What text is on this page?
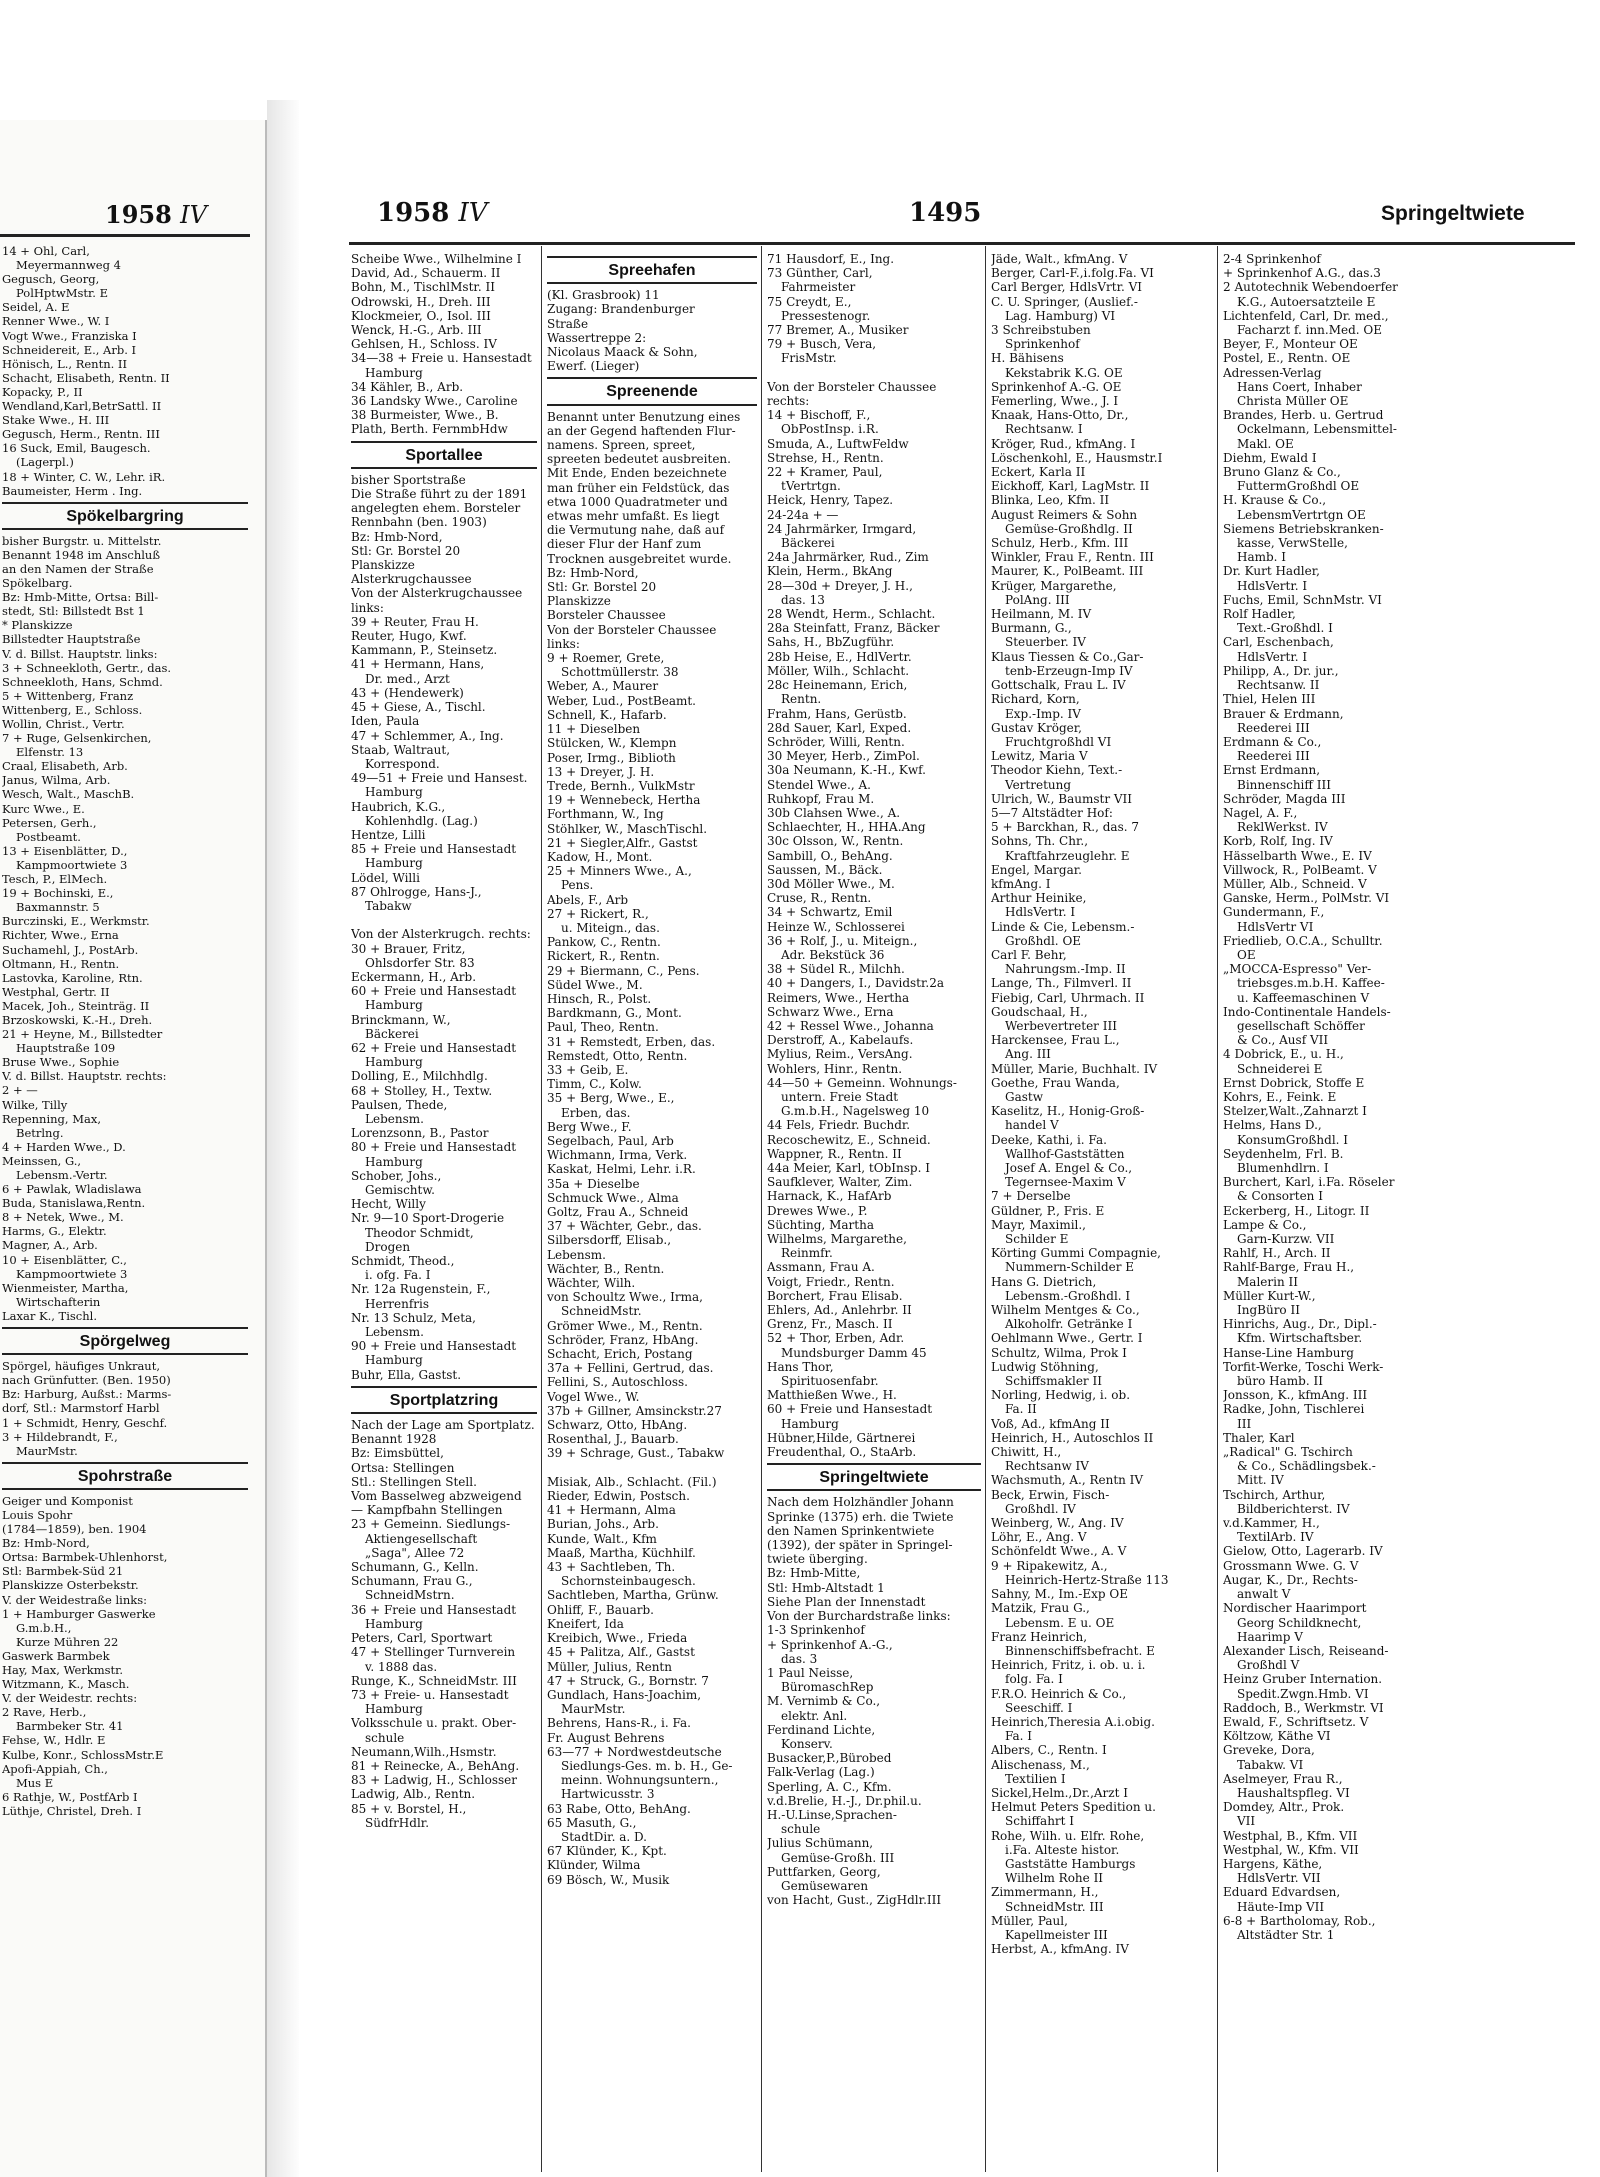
1958 IV
14 + Ohl, Carl,
Meyermannweg 4
Gegusch, Georg,
PolHptwMstr. E
Seidel, A. E
Renner Wwe., W. I
Vogt Wwe., Franziska I
Schneidereit, E., Arb. I
Hönisch, L., Rentn. II
Schacht, Elisabeth, Rentn. II
Kopacky, P., II
Wendland,Karl,BetrSattl. II
Stake Wwe., H. III
Gegusch, Herm., Rentn. III
16 Suck, Emil, Baugesch.
(Lagerpl.)
18 + Winter, C. W., Lehr. iR.
Baumeister, Herm . Ing.
Spökelbargring
bisher Burgstr. u. Mittelstr.
Benannt 1948 im Anschluß
an den Namen der Straße
Spökelbarg.
Bz: Hmb-Mitte, Ortsa: Bill-
stedt, Stl: Billstedt Bst 1
* Planskizze
Billstedter Hauptstraße
V. d. Billst. Hauptstr. links:
3 + Schneekloth, Gertr., das.
Schneekloth, Hans, Schmd.
5 + Wittenberg, Franz
Wittenberg, E., Schloss.
Wollin, Christ., Vertr.
7 + Ruge, Gelsenkirchen,
Elfenstr. 13
Craal, Elisabeth, Arb.
Janus, Wilma, Arb.
Wesch, Walt., MaschB.
Kurc Wwe., E.
Petersen, Gerh.,
Postbeamt.
13 + Eisenblätter, D.,
Kampmoortwiete 3
Tesch, P., ElMech.
19 + Bochinski, E.,
Baxmannstr. 5
Burczinski, E., Werkmstr.
Richter, Wwe., Erna
Suchamehl, J., PostArb.
Oltmann, H., Rentn.
Lastovka, Karoline, Rtn.
Westphal, Gertr. II
Macek, Joh., Steinträg. II
Brzoskowski, K.-H., Dreh.
21 + Heyne, M., Billstedter
Hauptstraße 109
Bruse Wwe., Sophie
V. d. Billst. Hauptstr. rechts:
2 + —
Wilke, Tilly
Repenning, Max,
Betrlng.
4 + Harden Wwe., D.
Meinssen, G.,
Lebensm.-Vertr.
6 + Pawlak, Wladislawa
Buda, Stanislawa,Rentn.
8 + Netek, Wwe., M.
Harms, G., Elektr.
Magner, A., Arb.
10 + Eisenblätter, C.,
Kampmoortwiete 3
Wienmeister, Martha,
Wirtschafterin
Laxar K., Tischl.
Spörgelweg
Spörgel, häufiges Unkraut,
nach Grünfutter. (Ben. 1950)
Bz: Harburg, Außst.: Marms-
dorf, Stl.: Marmstorf Harbl
1 + Schmidt, Henry, Geschf.
3 + Hildebrandt, F.,
MaurMstr.
Spohrstraße
Geiger und Komponist
Louis Spohr
(1784—1859), ben. 1904
Bz: Hmb-Nord,
Ortsa: Barmbek-Uhlenhorst,
Stl: Barmbek-Süd 21
Planskizze Osterbekstr.
V. der Weidestraße links:
1 + Hamburger Gaswerke
G.m.b.H.,
Kurze Mühren 22
Gaswerk Barmbek
Hay, Max, Werkmstr.
Witzmann, K., Masch.
V. der Weidestr. rechts:
2 Rave, Herb.,
Barmbeker Str. 41
Fehse, W., Hdlr. E
Kulbe, Konr., SchlossMstr.E
Apofi-Appiah, Ch.,
Mus E
6 Rathje, W., PostfArb I
Lüthje, Christel, Dreh. I
1958 IV	1495	Springeltwiete
Scheibe Wwe., Wilhelmine I
David, Ad., Schauerm. II
Bohn, M., TischlMstr. II
Odrowski, H., Dreh. III
Klockmeier, O., Isol. III
Wenck, H.-G., Arb. III
Gehlsen, H., Schloss. IV
34—38 + Freie u. Hansestadt
Hamburg
34 Kähler, B., Arb.
36 Landsky Wwe., Caroline
38 Burmeister, Wwe., B.
Plath, Berth. FernmbHdw
Sportallee
bisher Sportstraße
Die Straße führt zu der 1891
angelegten ehem. Borsteler
Rennbahn (ben. 1903)
Bz: Hmb-Nord,
Stl: Gr. Borstel 20
Planskizze
Alsterkrugchaussee
Von der Alsterkrugchaussee
links:
39 + Reuter, Frau H.
Reuter, Hugo, Kwf.
Kammann, P., Steinsetz.
41 + Hermann, Hans,
Dr. med., Arzt
43 + (Hendewerk)
45 + Giese, A., Tischl.
Iden, Paula
47 + Schlemmer, A., Ing.
Staab, Waltraut,
Korrespond.
49—51 + Freie und Hansest.
Hamburg
Haubrich, K.G.,
Kohlenhdlg. (Lag.)
Hentze, Lilli
85 + Freie und Hansestadt
Hamburg
Lödel, Willi
87 Ohlrogge, Hans-J.,
Tabakw

Von der Alsterkrugch. rechts:
30 + Brauer, Fritz,
Ohlsdorfer Str. 83
Eckermann, H., Arb.
60 + Freie und Hansestadt
Hamburg
Brinckmann, W.,
Bäckerei
62 + Freie und Hansestadt
Hamburg
Dolling, E., Milchhdlg.
68 + Stolley, H., Textw.
Paulsen, Thede,
Lebensm.
Lorenzsonn, B., Pastor
80 + Freie und Hansestadt
Hamburg
Schober, Johs.,
Gemischtw.
Hecht, Willy
Nr. 9—10 Sport-Drogerie
Theodor Schmidt,
Drogen
Schmidt, Theod.,
i. ofg. Fa. I
Nr. 12a Rugenstein, F.,
Herrenfris
Nr. 13 Schulz, Meta,
Lebensm.
90 + Freie und Hansestadt
Hamburg
Buhr, Ella, Gastst.
Sportplatzring
Nach der Lage am Sportplatz.
Benannt 1928
Bz: Eimsbüttel,
Ortsa: Stellingen
Stl.: Stellingen Stell.
Vom Basselweg abzweigend
— Kampfbahn Stellingen
23 + Gemeinn. Siedlungs-
Aktiengesellschaft
„Saga", Allee 72
Schumann, G., Kelln.
Schumann, Frau G.,
SchneidMstrn.
36 + Freie und Hansestadt
Hamburg
Peters, Carl, Sportwart
47 + Stellinger Turnverein
v. 1888 das.
Runge, K., SchneidMstr. III
73 + Freie- u. Hansestadt
Hamburg
Volksschule u. prakt. Ober-
schule
Neumann,Wilh.,Hsmstr.
81 + Reinecke, A., BehAng.
83 + Ladwig, H., Schlosser
Ladwig, Alb., Rentn.
85 + v. Borstel, H.,
SüdfrHdlr.
Spreehafen
(Kl. Grasbrook) 11
Zugang: Brandenburger
Straße
Wassertreppe 2:
Nicolaus Maack & Sohn,
Ewerf. (Lieger)
Spreenende
Benannt unter Benutzung eines
an der Gegend haftenden Flur-
namens. Spreen, spreet,
spreeten bedeutet ausbreiten.
Mit Ende, Enden bezeichnete
man früher ein Feldstück, das
etwa 1000 Quadratmeter und
etwas mehr umfaßt. Es liegt
die Vermutung nahe, daß auf
dieser Flur der Hanf zum
Trocknen ausgebreitet wurde.
Bz: Hmb-Nord,
Stl: Gr. Borstel 20
Planskizze
Borsteler Chaussee
Von der Borsteler Chaussee
links:
9 + Roemer, Grete,
Schottmüllerstr. 38
Weber, A., Maurer
Weber, Lud., PostBeamt.
Schnell, K., Hafarb.
11 + Dieselben
Stülcken, W., Klempn
Poser, Irmg., Biblioth
13 + Dreyer, J. H.
Trede, Bernh., VulkMstr
19 + Wennebeck, Hertha
Forthmann, W., Ing
Stöhlker, W., MaschTischl.
21 + Siegler,Alfr., Gastst
Kadow, H., Mont.
25 + Minners Wwe., A.,
Pens.
Abels, F., Arb
27 + Rickert, R.,
u. Miteign., das.
Pankow, C., Rentn.
Rickert, R., Rentn.
29 + Biermann, C., Pens.
Südel Wwe., M.
Hinsch, R., Polst.
Bardkmann, G., Mont.
Paul, Theo, Rentn.
31 + Remstedt, Erben, das.
Remstedt, Otto, Rentn.
33 + Geib, E.
Timm, C., Kolw.
35 + Berg, Wwe., E.,
Erben, das.
Berg Wwe., F.
Segelbach, Paul, Arb
Wichmann, Irma, Verk.
Kaskat, Helmi, Lehr. i.R.
35a + Dieselbe
Schmuck Wwe., Alma
Goltz, Frau A., Schneid
37 + Wächter, Gebr., das.
Silbersdorff, Elisab.,
Lebensm.
Wächter, B., Rentn.
Wächter, Wilh.
von Schoultz Wwe., Irma,
SchneidMstr.
Grömer Wwe., M., Rentn.
Schröder, Franz, HbAng.
Schacht, Erich, Postang
37a + Fellini, Gertrud, das.
Fellini, S., Autoschloss.
Vogel Wwe., W.
37b + Gillner, Amsinckstr.27
Schwarz, Otto, HbAng.
Rosenthal, J., Bauarb.
39 + Schrage, Gust., Tabakw

Misiak, Alb., Schlacht. (Fil.)
Rieder, Edwin, Postsch.
41 + Hermann, Alma
Burian, Johs., Arb.
Kunde, Walt., Kfm
Maaß, Martha, Küchhilf.
43 + Sachtleben, Th.
Schornsteinbaugesch.
Sachtleben, Martha, Grünw.
Ohliff, F., Bauarb.
Kneifert, Ida
Kreibich, Wwe., Frieda
45 + Palitza, Alf., Gastst
Müller, Julius, Rentn
47 + Struck, G., Bornstr. 7
Gundlach, Hans-Joachim,
MaurMstr.
Behrens, Hans-R., i. Fa.
Fr. August Behrens
63—77 + Nordwestdeutsche
Siedlungs-Ges. m. b. H., Ge-
meinn. Wohnungsuntern.,
Hartwicusstr. 3
63 Rabe, Otto, BehAng.
65 Masuth, G.,
StadtDir. a. D.
67 Klünder, K., Kpt.
Klünder, Wilma
69 Bösch, W., Musik
71 Hausdorf, E., Ing.
73 Günther, Carl,
Fahrmeister
75 Creydt, E.,
Pressestenogr.
77 Bremer, A., Musiker
79 + Busch, Vera,
FrisMstr.

Von der Borsteler Chaussee
rechts:
14 + Bischoff, F.,
ObPostInsp. i.R.
Smuda, A., LuftwFeldw
Strehse, H., Rentn.
22 + Kramer, Paul,
tVertrtgn.
Heick, Henry, Tapez.
24-24a + —
24 Jahrmärker, Irmgard,
Bäckerei
24a Jahrmärker, Rud., Zim
Klein, Herm., BkAng
28—30d + Dreyer, J. H.,
das. 13
28 Wendt, Herm., Schlacht.
28a Steinfatt, Franz, Bäcker
Sahs, H., BbZugführ.
28b Heise, E., HdlVertr.
Möller, Wilh., Schlacht.
28c Heinemann, Erich,
Rentn.
Frahm, Hans, Gerüstb.
28d Sauer, Karl, Exped.
Schröder, Willi, Rentn.
30 Meyer, Herb., ZimPol.
30a Neumann, K.-H., Kwf.
Stendel Wwe., A.
Ruhkopf, Frau M.
30b Clahsen Wwe., A.
Schlaechter, H., HHA.Ang
30c Olsson, W., Rentn.
Sambill, O., BehAng.
Saussen, M., Bäck.
30d Möller Wwe., M.
Cruse, R., Rentn.
34 + Schwartz, Emil
Heinze W., Schlosserei
36 + Rolf, J., u. Miteign.,
Adr. Bekstück 36
38 + Südel R., Milchh.
40 + Dangers, I., Davidstr.2a
Reimers, Wwe., Hertha
Schwarz Wwe., Erna
42 + Ressel Wwe., Johanna
Derstroff, A., Kabelaufs.
Mylius, Reim., VersAng.
Wohlers, Hinr., Rentn.
44—50 + Gemeinn. Wohnungs-
untern. Freie Stadt
G.m.b.H., Nagelsweg 10
44 Fels, Friedr. Buchdr.
Recoschewitz, E., Schneid.
Wappner, R., Rentn. II
44a Meier, Karl, tObInsp. I
Saufklever, Walter, Zim.
Harnack, K., HafArb
Drewes Wwe., P.
Süchting, Martha
Wilhelms, Margarethe,
Reinmfr.
Assmann, Frau A.
Voigt, Friedr., Rentn.
Borchert, Frau Elisab.
Ehlers, Ad., Anlehrbr. II
Grenz, Fr., Masch. II
52 + Thor, Erben, Adr.
Mundsburger Damm 45
Hans Thor,
Spirituosenfabr.
Matthießen Wwe., H.
60 + Freie und Hansestadt
Hamburg
Hübner,Hilde, Gärtnerei
Freudenthal, O., StaArb.
Springeltwiete
Nach dem Holzhändler Johann
Sprinke (1375) erh. die Twiete
den Namen Sprinkentwiete
(1392), der später in Springel-
twiete überging.
Bz: Hmb-Mitte,
Stl: Hmb-Altstadt 1
Siehe Plan der Innenstadt
Von der Burchardstraße links:
1-3 Sprinkenhof
+ Sprinkenhof A.-G.,
das. 3
1 Paul Neisse,
BüromaschRep
M. Vernimb & Co.,
elektr. Anl.
Ferdinand Lichte,
Konserv.
Busacker,P.,Bürobed
Falk-Verlag (Lag.)
Sperling, A. C., Kfm.
v.d.Brelie, H.-J., Dr.phil.u.
H.-U.Linse,Sprachen-
schule
Julius Schümann,
Gemüse-Großh. III
Puttfarken, Georg,
Gemüsewaren
von Hacht, Gust., ZigHdlr.III
Jäde, Walt., kfmAng. V
Berger, Carl-F.,i.folg.Fa. VI
Carl Berger, HdlsVrtr. VI
C. U. Springer, (Auslief.-
Lag. Hamburg) VI
3 Schreibstuben
Sprinkenhof
H. Bähisens
Kekstabrik K.G. OE
Sprinkenhof A.-G. OE
Femerling, Wwe., J. I
Knaak, Hans-Otto, Dr.,
Rechtsanw. I
Kröger, Rud., kfmAng. I
Löschenkohl, E., Hausmstr.I
Eckert, Karla II
Eickhoff, Karl, LagMstr. II
Blinka, Leo, Kfm. II
August Reimers & Sohn
Gemüse-Großhdlg. II
Schulz, Herb., Kfm. III
Winkler, Frau F., Rentn. III
Maurer, K., PolBeamt. III
Krüger, Margarethe,
PolAng. III
Heilmann, M. IV
Burmann, G.,
Steuerber. IV
Klaus Tiessen & Co.,Gar-
tenb-Erzeugn-Imp IV
Gottschalk, Frau L. IV
Richard, Korn,
Exp.-Imp. IV
Gustav Kröger,
Fruchtgroßhdl VI
Lewitz, Maria V
Theodor Kiehn, Text.-
Vertretung
Ulrich, W., Baumstr VII
5—7 Altstädter Hof:
5 + Barckhan, R., das. 7
Sohns, Th. Chr.,
Kraftfahrzeuglehr. E
Engel, Margar.
kfmAng. I
Arthur Heinike,
HdlsVertr. I
Linde & Cie, Lebensm.-
Großhdl. OE
Carl F. Behr,
Nahrungsm.-Imp. II
Lange, Th., Filmverl. II
Fiebig, Carl, Uhrmach. II
Goudschaal, H.,
Werbevertreter III
Harckensee, Frau L.,
Ang. III
Müller, Marie, Buchhalt. IV
Goethe, Frau Wanda,
Gastw
Kaselitz, H., Honig-Groß-
handel V
Deeke, Kathi, i. Fa.
Wallhof-Gaststätten
Josef A. Engel & Co.,
Tegernsee-Maxim V
7 + Derselbe
Güldner, P., Fris. E
Mayr, Maximil.,
Schilder E
Körting Gummi Compagnie,
Nummern-Schilder E
Hans G. Dietrich,
Lebensm.-Großhdl. I
Wilhelm Mentges & Co.,
Alkoholfr. Getränke I
Oehlmann Wwe., Gertr. I
Schultz, Wilma, Prok I
Ludwig Stöhning,
Schiffsmakler II
Norling, Hedwig, i. ob.
Fa. II
Voß, Ad., kfmAng II
Heinrich, H., Autoschlos II
Chiwitt, H.,
Rechtsanw IV
Wachsmuth, A., Rentn IV
Beck, Erwin, Fisch-
Großhdl. IV
Weinberg, W., Ang. IV
Löhr, E., Ang. V
Schönfeldt Wwe., A. V
9 + Ripakewitz, A.,
Heinrich-Hertz-Straße 113
Sahny, M., Im.-Exp OE
Matzik, Frau G.,
Lebensm. E u. OE
Franz Heinrich,
Binnenschiffsbefracht. E
Heinrich, Fritz, i. ob. u. i.
folg. Fa. I
F.R.O. Heinrich & Co.,
Seeschiff. I
Heinrich,Theresia A.i.obig.
Fa. I
Albers, C., Rentn. I
Alischenass, M.,
Textilien I
Sickel,Helm.,Dr.,Arzt I
Helmut Peters Spedition u.
Schiffahrt I
Rohe, Wilh. u. Elfr. Rohe,
i.Fa. Alteste histor.
Gaststätte Hamburgs
Wilhelm Rohe II
Zimmermann, H.,
SchneidMstr. III
Müller, Paul,
Kapellmeister III
Herbst, A., kfmAng. IV
2-4 Sprinkenhof
+ Sprinkenhof A.G., das.3
2 Autotechnik Webendoerfer
K.G., Autoersatzteile E
Lichtenfeld, Carl, Dr. med.,
Facharzt f. inn.Med. OE
Beyer, F., Monteur OE
Postel, E., Rentn. OE
Adressen-Verlag
Hans Coert, Inhaber
Christa Müller OE
Brandes, Herb. u. Gertrud
Ockelmann, Lebensmittel-
Makl. OE
Diehm, Ewald I
Bruno Glanz & Co.,
FuttermGroßhdl OE
H. Krause & Co.,
LebensmVertrtgn OE
Siemens Betriebskranken-
kasse, VerwStelle,
Hamb. I
Dr. Kurt Hadler,
HdlsVertr. I
Fuchs, Emil, SchnMstr. VI
Rolf Hadler,
Text.-Großhdl. I
Carl, Eschenbach,
HdlsVertr. I
Philipp, A., Dr. jur.,
Rechtsanw. II
Thiel, Helen III
Brauer & Erdmann,
Reederei III
Erdmann & Co.,
Reederei III
Ernst Erdmann,
Binnenschiff III
Schröder, Magda III
Nagel, A. F.,
ReklWerkst. IV
Korb, Rolf, Ing. IV
Hässelbarth Wwe., E. IV
Villwock, R., PolBeamt. V
Müller, Alb., Schneid. V
Ganske, Herm., PolMstr. VI
Gundermann, F.,
HdlsVertr VI
Friedlieb, O.C.A., Schulltr.
OE
„MOCCA-Espresso" Ver-
triebsges.m.b.H. Kaffee-
u. Kaffeemaschinen V
Indo-Continentale Handels-
gesellschaft Schöffer
& Co., Ausf VII
4 Dobrick, E., u. H.,
Schneiderei E
Ernst Dobrick, Stoffe E
Kohrs, E., Feink. E
Stelzer,Walt.,Zahnarzt I
Helms, Hans D.,
KonsumGroßhdl. I
Seydenhelm, Frl. B.
Blumenhdlrn. I
Burchert, Karl, i.Fa. Röseler
& Consorten I
Eckerberg, H., Litogr. II
Lampe & Co.,
Garn-Kurzw. VII
Rahlf, H., Arch. II
Rahlf-Barge, Frau H.,
Malerin II
Müller Kurt-W.,
IngBüro II
Hinrichs, Aug., Dr., Dipl.-
Kfm. Wirtschaftsber.
Hanse-Line Hamburg
Torfit-Werke, Toschi Werk-
büro Hamb. II
Jonsson, K., kfmAng. III
Radke, John, Tischlerei
III
Thaler, Karl
„Radical" G. Tschirch
& Co., Schädlingsbek.-
Mitt. IV
Tschirch, Arthur,
Bildberichterst. IV
v.d.Kammer, H.,
TextilArb. IV
Gielow, Otto, Lagerarb. IV
Grossmann Wwe. G. V
Augar, K., Dr., Rechts-
anwalt V
Nordischer Haarimport
Georg Schildknecht,
Haarimp V
Alexander Lisch, Reiseand-
Großhdl V
Heinz Gruber Internation.
Spedit.Zwgn.Hmb. VI
Raddoch, B., Werkmstr. VI
Ewald, F., Schriftsetz. V
Költzow, Käthe VI
Greveke, Dora,
Tabakw. VI
Aselmeyer, Frau R.,
Haushaltspfleg. VI
Domdey, Altr., Prok.
VII
Westphal, B., Kfm. VII
Westphal, W., Kfm. VII
Hargens, Käthe,
HdlsVertr. VII
Eduard Edvardsen,
Häute-Imp VII
6-8 + Bartholomay, Rob.,
Altstädter Str. 1
